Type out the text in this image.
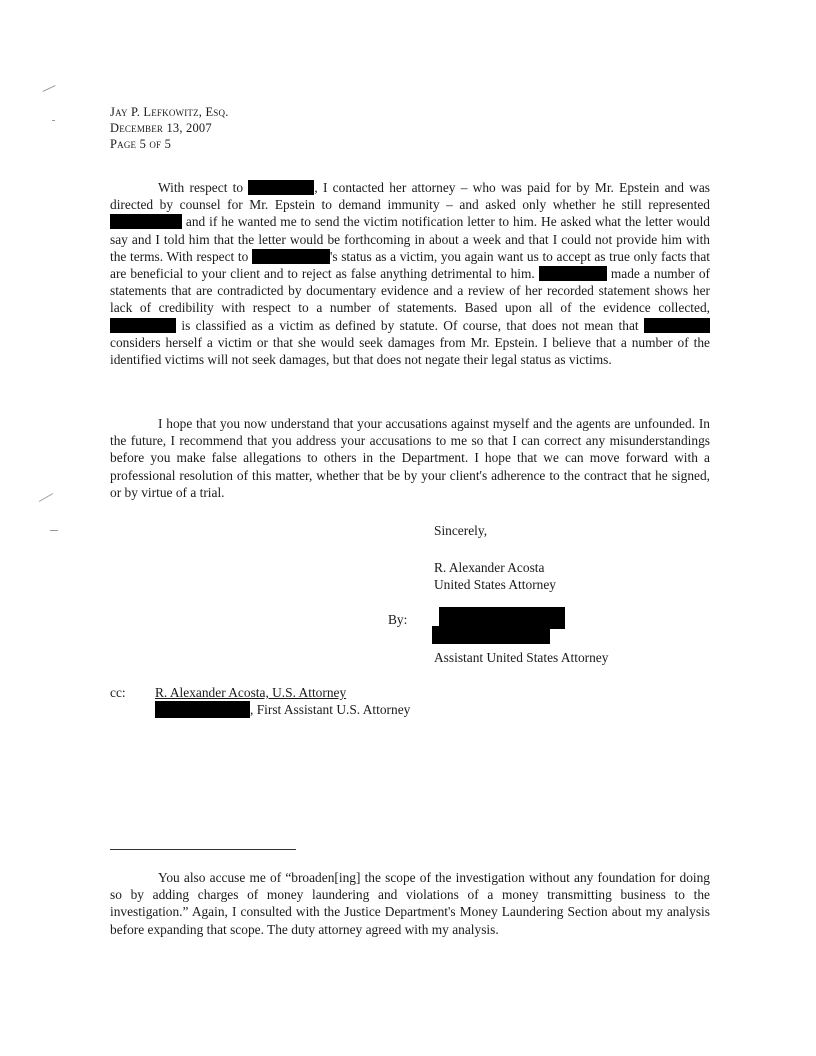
Jay P. Lefkowitz, Esq.
December 13, 2007
Page 5 of 5

With respect to	, I contacted her attorney – who was paid for by Mr. Epstein and was directed by counsel for Mr. Epstein to demand immunity – and asked only whether he still represented  and if he wanted me to send the victim notification letter to him. He asked what the letter would say and I told him that the letter would be forthcoming in about a week and that I could not provide him with the terms. With respect to	's status as a victim, you again want us to accept as true only facts that are beneficial to your client and to reject as false anything detrimental to him.	made a number of statements that are contradicted by documentary evidence and a review of her recorded statement shows her lack of credibility with respect to a number of statements. Based upon all of the evidence collected,  is classified as a victim as defined by statute. Of course, that does not mean that  considers herself a victim or that she would seek damages from Mr. Epstein. I believe that a number of the identified victims will not seek damages, but that does not negate their legal status as victims.

I hope that you now understand that your accusations against myself and the agents are unfounded. In the future, I recommend that you address your accusations to me so that I can correct any misunderstandings before you make false allegations to others in the Department. I hope that we can move forward with a professional resolution of this matter, whether that be by your client's adherence to the contract that he signed, or by virtue of a trial.

Sincerely,
R. Alexander Acosta
United States Attorney
By:
Assistant United States Attorney
cc: R. Alexander Acosta, U.S. Attorney
, First Assistant U.S. Attorney

You also accuse me of “broaden[ing] the scope of the investigation without any foundation for doing so by adding charges of money laundering and violations of a money transmitting business to the investigation.” Again, I consulted with the Justice Department's Money Laundering Section about my analysis before expanding that scope. The duty attorney agreed with my analysis.
